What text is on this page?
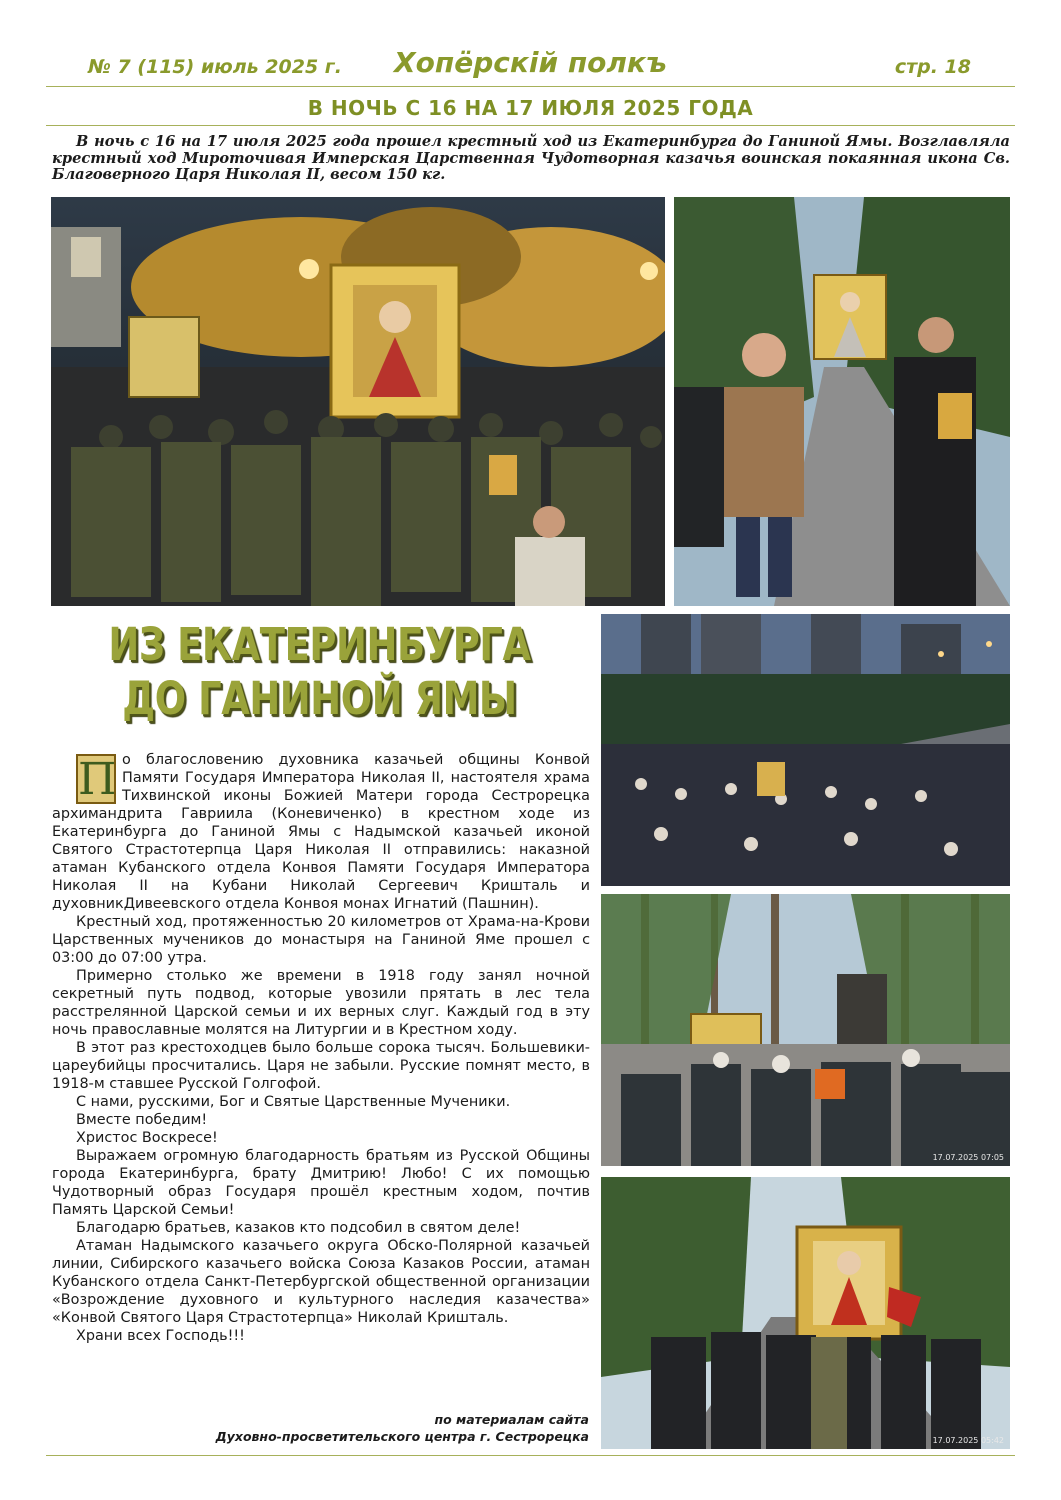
№ 7 (115) июль 2025 г.	Хопёрскiй полкъ	стр. 18
В НОЧЬ С 16 НА 17 ИЮЛЯ 2025 ГОДА
В ночь с 16 на 17 июля 2025 года прошел крестный ход из Екатеринбурга до Ганиной Ямы. Возглавляла крестный ход Мироточивая Имперская Царственная Чудотворная казачья воинская покаянная икона Св. Благоверного Царя Николая II, весом 150 кг.
17.07.2025 07:05
17.07.2025 05:42
ИЗ ЕКАТЕРИНБУРГА
ДО ГАНИНОЙ ЯМЫ

П о благословению духовника казачьей общины Конвой Памяти Государя Императора Николая II, настоятеля храма Тихвинской иконы Божией Матери города Сестрорецка архимандрита Гавриила (Коневиченко) в крестном ходе из Екатеринбурга до Ганиной Ямы с Надымской казачьей иконой Святого Страстотерпца Царя Николая II отправились: наказной атаман Кубанского отдела Конвоя Памяти Государя Императора Николая II на Кубани Николай Сергеевич Кришталь и духовникДивеевского отдела Конвоя монах Игнатий (Пашнин).

Крестный ход, протяженностью 20 километров от Храма-на-Крови Царственных мучеников до монастыря на Ганиной Яме прошел с 03:00 до 07:00 утра.

Примерно столько же времени в 1918 году занял ночной секретный путь подвод, которые увозили прятать в лес тела расстрелянной Царской семьи и их верных слуг. Каждый год в эту ночь православные молятся на Литургии и в Крестном ходу.

В этот раз крестоходцев было больше сорока тысяч. Большевики-цареубийцы просчитались. Царя не забыли. Русские помнят место, в 1918-м ставшее Русской Голгофой.

С нами, русскими, Бог и Святые Царственные Мученики.

Вместе победим!

Христос Воскресе!

Выражаем огромную благодарность братьям из Русской Общины города Екатеринбурга, брату Дмитрию! Любо! С их помощью Чудотворный образ Государя прошёл крестным ходом, почтив Память Царской Семьи!

Благодарю братьев, казаков кто подсобил в святом деле!

Атаман Надымского казачьего округа Обско-Полярной казачьей линии, Сибирского казачьего войска Союза Казаков России, атаман Кубанского отдела Санкт-Петербургской общественной организации «Возрождение духовного и культурного наследия казачества» «Конвой Святого Царя Страстотерпца» Николай Кришталь.

Храни всех Господь!!!

по материалам сайта
Духовно-просветительского центра г. Сестрорецка
